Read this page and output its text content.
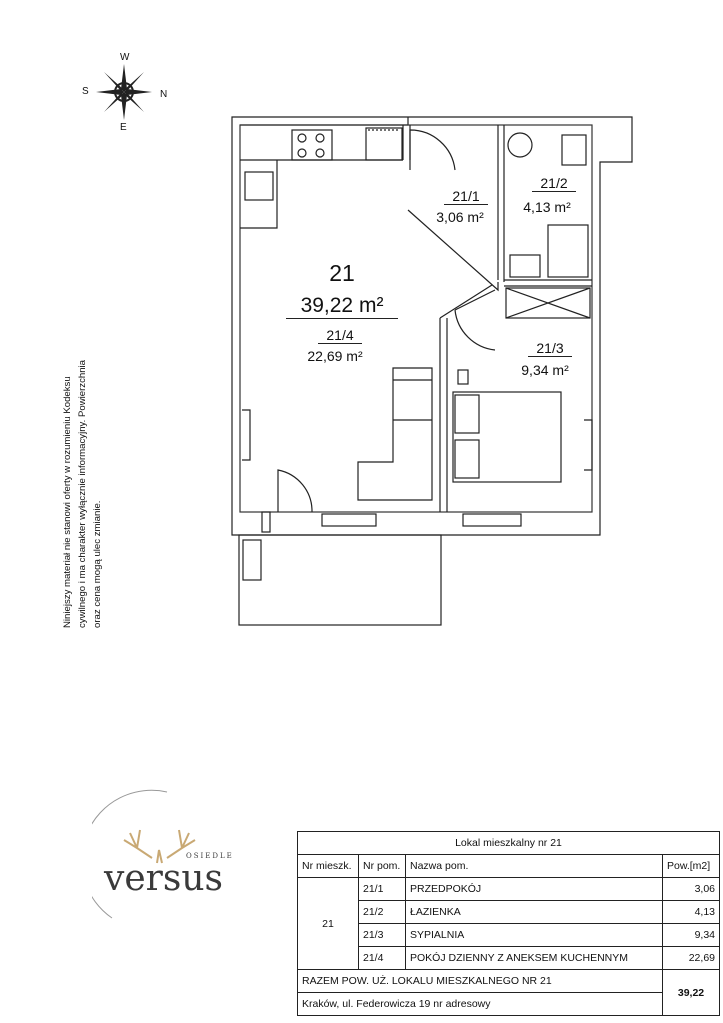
W
S	N
E
21
39,22 m²
21/1
3,06 m²
21/2
4,13 m²
21/3
9,34 m²
21/4
22,69 m²
Niniejszy materiał nie stanowi oferty w rozumieniu Kodeksu cywilnego i ma charakter wyłącznie informacyjny. Powierzchnia oraz cena mogą ulec zmianie.
OSIEDLE
versus
Lokal mieszkalny nr 21			
Nr mieszk.	Nr pom.	Nazwa pom.	Pow.[m2]
21	21/1	PRZEDPOKÓJ	3,06
	21/2	ŁAZIENKA	4,13
	21/3	SYPIALNIA	9,34
	21/4	POKÓJ DZIENNY Z ANEKSEM KUCHENNYM	22,69
RAZEM POW. UŻ. LOKALU MIESZKALNEGO NR 21			39,22
Kraków, ul. Federowicza 19 nr adresowy			
